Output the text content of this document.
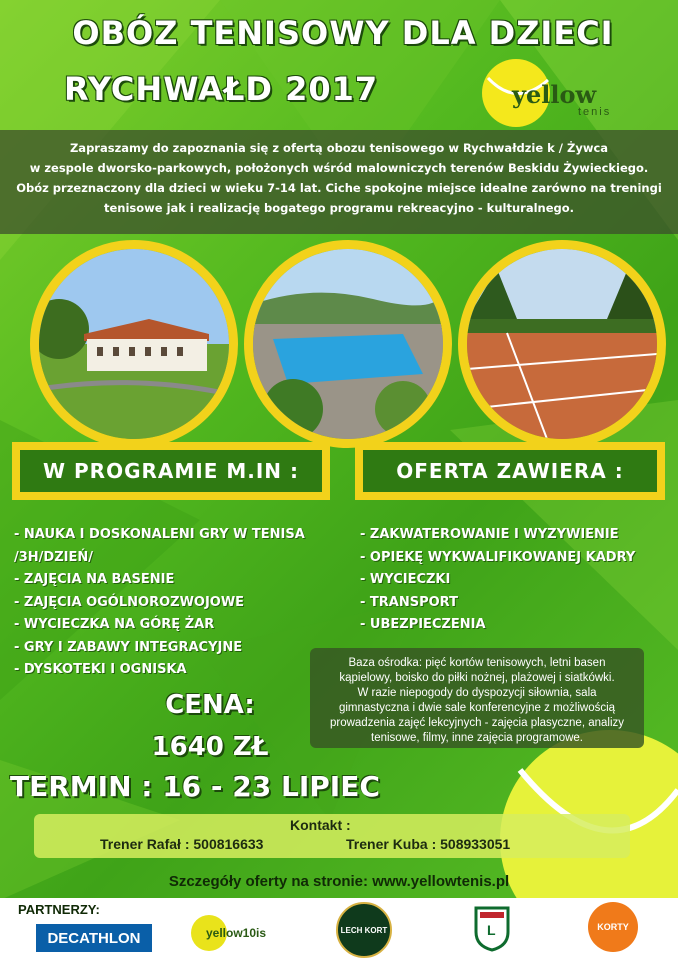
OBÓZ TENISOWY DLA DZIECI
RYCHWAŁD 2017	yellow
tenis

Zapraszamy do zapoznania się z ofertą obozu tenisowego w Rychwałdzie k / Żywca

w zespole dworsko-parkowych, położonych wśród malowniczych terenów Beskidu Żywieckiego.

Obóz przeznaczony dla dzieci w wieku 7-14 lat. Ciche spokojne miejsce idealne zarówno na treningi

tenisowe jak i realizację bogatego programu rekreacyjno - kulturalnego.

W PROGRAMIE M.IN :	OFERTA ZAWIERA :
- NAUKA I DOSKONALENI GRY W TENISA
/3H/DZIEŃ/
- ZAJĘCIA NA BASENIE
- ZAJĘCIA OGÓLNOROZWOJOWE
- WYCIECZKA NA GÓRĘ ŻAR
- GRY I ZABAWY INTEGRACYJNE
- DYSKOTEKI I OGNISKA
- ZAKWATEROWANIE I WYZYWIENIE
- OPIEKĘ WYKWALIFIKOWANEJ KADRY
- WYCIECZKI
- TRANSPORT
- UBEZPIECZENIA
Baza ośrodka: pięć kortów tenisowych, letni basen
kąpielowy, boisko do piłki nożnej, plażowej i siatkówki.
W razie niepogody do dyspozycji siłownia, sala
gimnastyczna i dwie sale konferencyjne z możliwością
prowadzenia zajęć lekcyjnych - zajęcia plasyczne, analizy
tenisowe, filmy, inne zajęcia programowe.
CENA:
1640 ZŁ
TERMIN : 16 - 23 LIPIEC
Kontakt :
Trener Rafał : 500816633	Trener Kuba : 508933051
Szczegóły oferty na stronie: www.yellowtenis.pl
PARTNERZY:
DECATHLON	yellow10is	LECH KORT	L	KORTY
